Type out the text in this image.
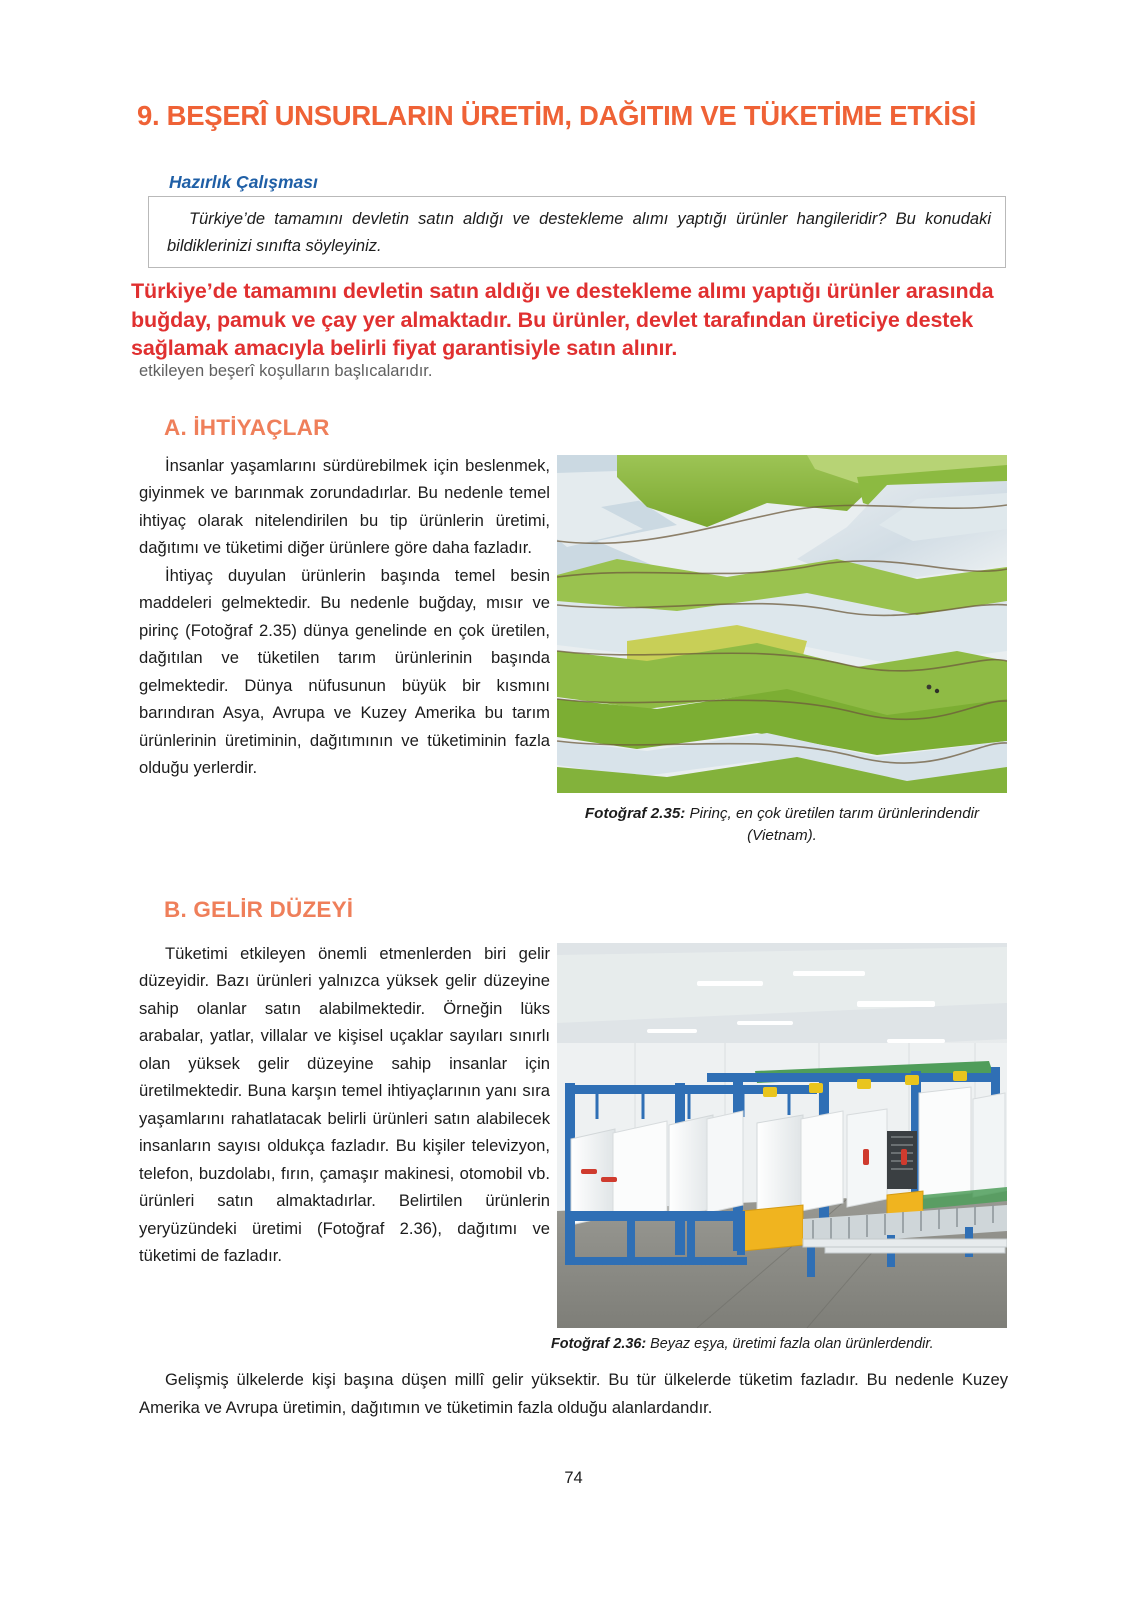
9. BEŞERÎ UNSURLARIN ÜRETİM, DAĞITIM VE TÜKETİME ETKİSİ
Hazırlık Çalışması
Türkiye’de tamamını devletin satın aldığı ve destekleme alımı yaptığı ürünler hangileridir? Bu konudaki bildiklerinizi sınıfta söyleyiniz.
Türkiye’de tamamını devletin satın aldığı ve destekleme alımı yaptığı ürünler arasında buğday, pamuk ve çay yer almaktadır. Bu ürünler, devlet tarafından üreticiye destek sağlamak amacıyla belirli fiyat garantisiyle satın alınır.
etkileyen beşerî koşulların başlıcalarıdır.
A. İHTİYAÇLAR

İnsanlar yaşamlarını sürdürebilmek için beslenmek, giyinmek ve barınmak zorundadırlar. Bu nedenle temel ihtiyaç olarak nitelendirilen bu tip ürünlerin üretimi, dağıtımı ve tüketimi diğer ürünlere göre daha fazladır.

İhtiyaç duyulan ürünlerin başında temel besin maddeleri gelmektedir. Bu nedenle buğday, mısır ve pirinç (Fotoğraf 2.35) dünya genelinde en çok üretilen, dağıtılan ve tüketilen tarım ürünlerinin başında gelmektedir. Dünya nüfusunun büyük bir kısmını barındıran Asya, Avrupa ve Kuzey Amerika bu tarım ürünlerinin üretiminin, dağıtımının ve tüketiminin fazla olduğu yerlerdir.

Fotoğraf 2.35: Pirinç, en çok üretilen tarım ürünlerindendir (Vietnam).
B. GELİR DÜZEYİ

Tüketimi etkileyen önemli etmenlerden biri gelir düzeyidir. Bazı ürünleri yalnızca yüksek gelir düzeyine sahip olanlar satın alabilmektedir. Örneğin lüks arabalar, yatlar, villalar ve kişisel uçaklar sayıları sınırlı olan yüksek gelir düzeyine sahip insanlar için üretilmektedir. Buna karşın temel ihtiyaçlarının yanı sıra yaşamlarını rahatlatacak belirli ürünleri satın alabilecek insanların sayısı oldukça fazladır. Bu kişiler televizyon, telefon, buzdolabı, fırın, çamaşır makinesi, otomobil vb. ürünleri satın almaktadırlar. Belirtilen ürünlerin yeryüzündeki üretimi (Fotoğraf 2.36), dağıtımı ve tüketimi de fazladır.

Fotoğraf 2.36: Beyaz eşya, üretimi fazla olan ürünlerdendir.
Gelişmiş ülkelerde kişi başına düşen millî gelir yüksektir. Bu tür ülkelerde tüketim fazladır. Bu nedenle Kuzey Amerika ve Avrupa üretimin, dağıtımın ve tüketimin fazla olduğu alanlardandır.
74
